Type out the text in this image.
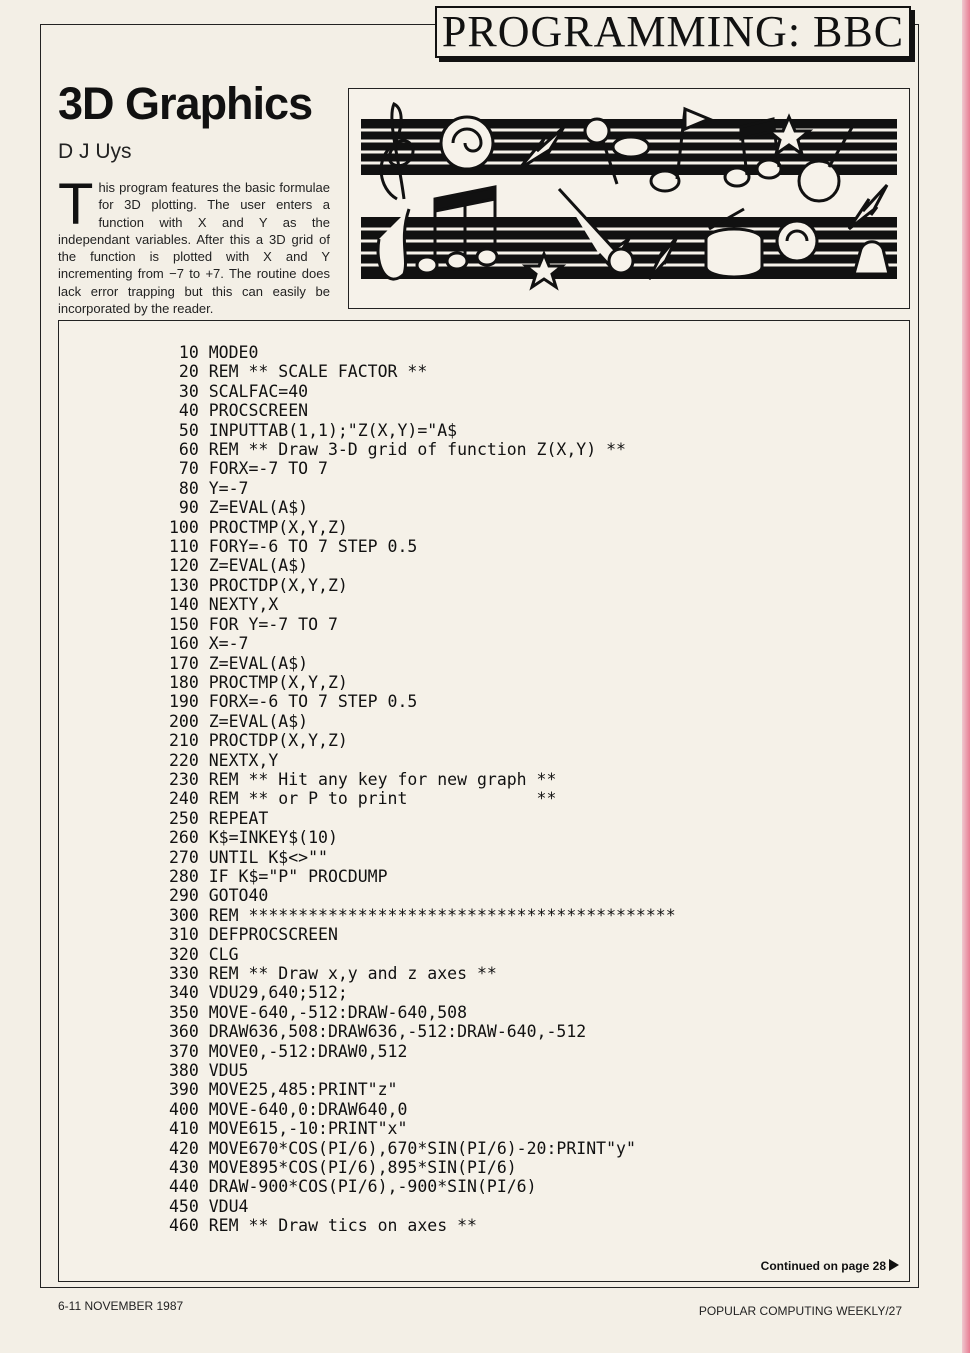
PROGRAMMING: BBC
3D Graphics
D J Uys
This program features the basic formulae for 3D plotting. The user enters a function with X and Y as the independant variables. After this a 3D grid of the function is plotted with X and Y incrementing from −7 to +7. The routine does lack error trapping but this can easily be incorporated by the reader.
10 MODE0
20 REM ** SCALE FACTOR **
30 SCALFAC=40
40 PROCSCREEN
50 INPUTTAB(1,1);"Z(X,Y)="A$
60 REM ** Draw 3-D grid of function Z(X,Y) **
70 FORX=-7 TO 7
80 Y=-7
90 Z=EVAL(A$)
100 PROCTMP(X,Y,Z)
110 FORY=-6 TO 7 STEP 0.5
120 Z=EVAL(A$)
130 PROCTDP(X,Y,Z)
140 NEXTY,X
150 FOR Y=-7 TO 7
160 X=-7
170 Z=EVAL(A$)
180 PROCTMP(X,Y,Z)
190 FORX=-6 TO 7 STEP 0.5
200 Z=EVAL(A$)
210 PROCTDP(X,Y,Z)
220 NEXTX,Y
230 REM ** Hit any key for new graph **
240 REM ** or P to print             **
250 REPEAT
260 K$=INKEY$(10)
270 UNTIL K$<>""
280 IF K$="P" PROCDUMP
290 GOTO40
300 REM *******************************************
310 DEFPROCSCREEN
320 CLG
330 REM ** Draw x,y and z axes **
340 VDU29,640;512;
350 MOVE-640,-512:DRAW-640,508
360 DRAW636,508:DRAW636,-512:DRAW-640,-512
370 MOVE0,-512:DRAW0,512
380 VDU5
390 MOVE25,485:PRINT"z"
400 MOVE-640,0:DRAW640,0
410 MOVE615,-10:PRINT"x"
420 MOVE670*COS(PI/6),670*SIN(PI/6)-20:PRINT"y"
430 MOVE895*COS(PI/6),895*SIN(PI/6)
440 DRAW-900*COS(PI/6),-900*SIN(PI/6)
450 VDU4
460 REM ** Draw tics on axes **
Continued on page 28
6-11 NOVEMBER 1987	POPULAR COMPUTING WEEKLY/27
